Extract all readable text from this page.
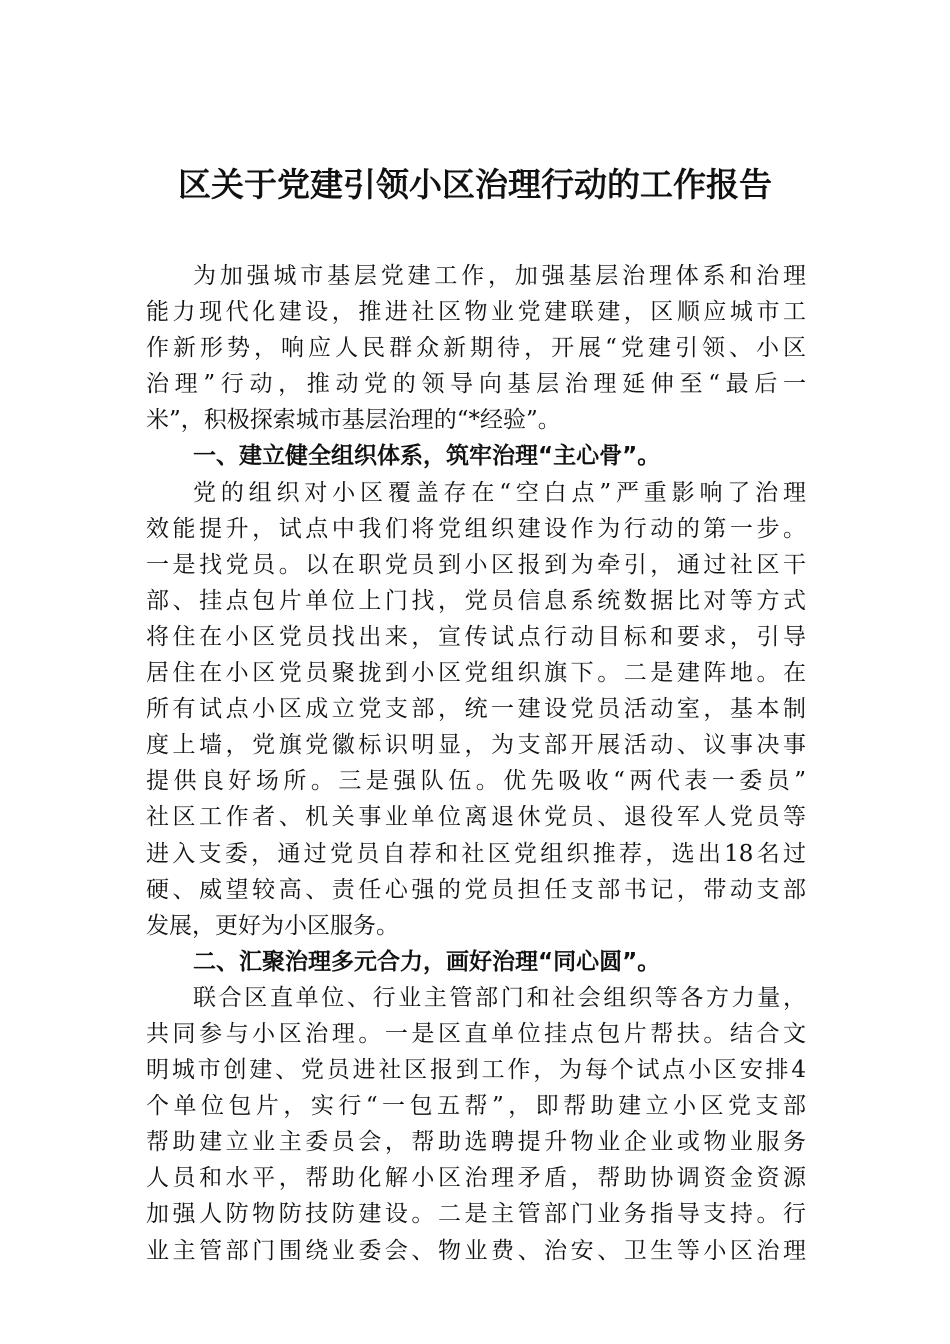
区关于党建引领小区治理行动的工作报告
为加强城市基层党建工作，加强基层治理体系和治理
能力现代化建设，推进社区物业党建联建，区顺应城市工
作新形势，响应人民群众新期待，开展“党建引领、小区
治理”行动，推动党的领导向基层治理延伸至“最后一
米”，积极探索城市基层治理的“*经验”。
一、建立健全组织体系，筑牢治理“主心骨”。
党的组织对小区覆盖存在“空白点”严重影响了治理
效能提升，试点中我们将党组织建设作为行动的第一步。
一是找党员。以在职党员到小区报到为牵引，通过社区干
部、挂点包片单位上门找，党员信息系统数据比对等方式
将住在小区党员找出来，宣传试点行动目标和要求，引导
居住在小区党员聚拢到小区党组织旗下。二是建阵地。在
所有试点小区成立党支部，统一建设党员活动室，基本制
度上墙，党旗党徽标识明显，为支部开展活动、议事决事
提供良好场所。三是强队伍。优先吸收“两代表一委员”
社区工作者、机关事业单位离退休党员、退役军人党员等
进入支委，通过党员自荐和社区党组织推荐，选出18名过
硬、威望较高、责任心强的党员担任支部书记，带动支部
发展，更好为小区服务。
二、汇聚治理多元合力，画好治理“同心圆”。
联合区直单位、行业主管部门和社会组织等各方力量，
共同参与小区治理。一是区直单位挂点包片帮扶。结合文
明城市创建、党员进社区报到工作，为每个试点小区安排4
个单位包片，实行“一包五帮”，即帮助建立小区党支部
帮助建立业主委员会，帮助选聘提升物业企业或物业服务
人员和水平，帮助化解小区治理矛盾，帮助协调资金资源
加强人防物防技防建设。二是主管部门业务指导支持。行
业主管部门围绕业委会、物业费、治安、卫生等小区治理
